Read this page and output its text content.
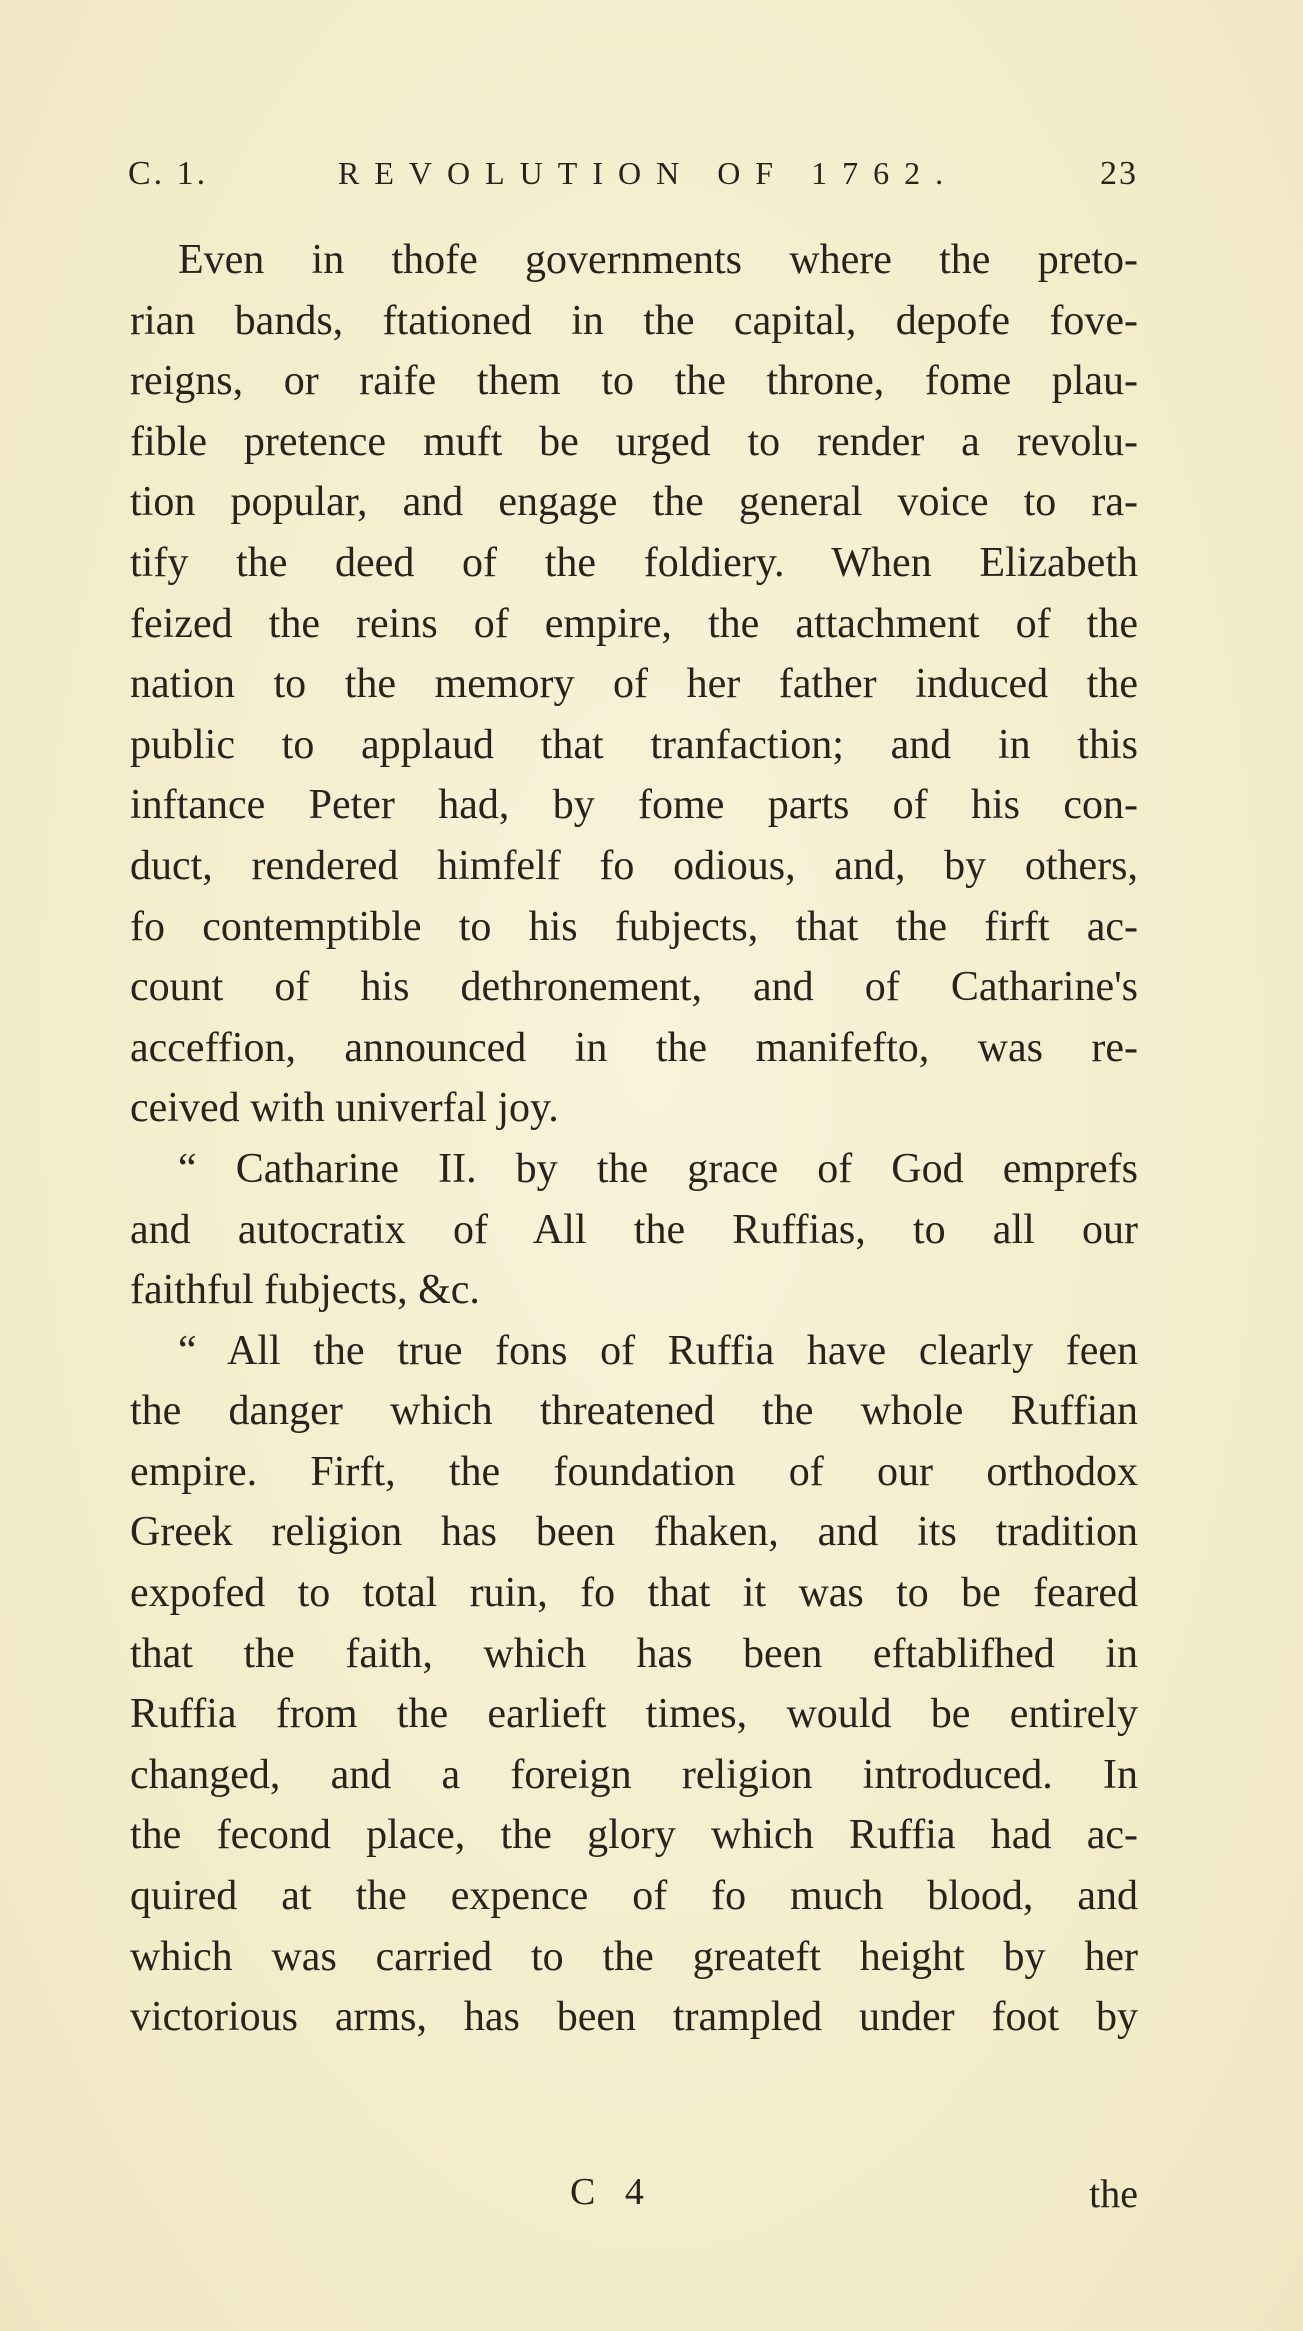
C. 1.	REVOLUTION OF 1762.	23
Even in thofe governments where the preto-
rian bands, ftationed in the capital, depofe fove-
reigns, or raife them to the throne, fome plau-
fible pretence muft be urged to render a revolu-
tion popular, and engage the general voice to ra-
tify the deed of the foldiery. When Elizabeth
feized the reins of empire, the attachment of the
nation to the memory of her father induced the
public to applaud that tranfaction; and in this
inftance Peter had, by fome parts of his con-
duct, rendered himfelf fo odious, and, by others,
fo contemptible to his fubjects, that the firft ac-
count of his dethronement, and of Catharine's
acceffion, announced in the manifefto, was re-
ceived with univerfal joy.
“ Catharine II. by the grace of God emprefs
and autocratix of All the Ruffias, to all our
faithful fubjects, &c.
“ All the true fons of Ruffia have clearly feen
the danger which threatened the whole Ruffian
empire. Firft, the foundation of our orthodox
Greek religion has been fhaken, and its tradition
expofed to total ruin, fo that it was to be feared
that the faith, which has been eftablifhed in
Ruffia from the earlieft times, would be entirely
changed, and a foreign religion introduced. In
the fecond place, the glory which Ruffia had ac-
quired at the expence of fo much blood, and
which was carried to the greateft height by her
victorious arms, has been trampled under foot by
C 4	the
